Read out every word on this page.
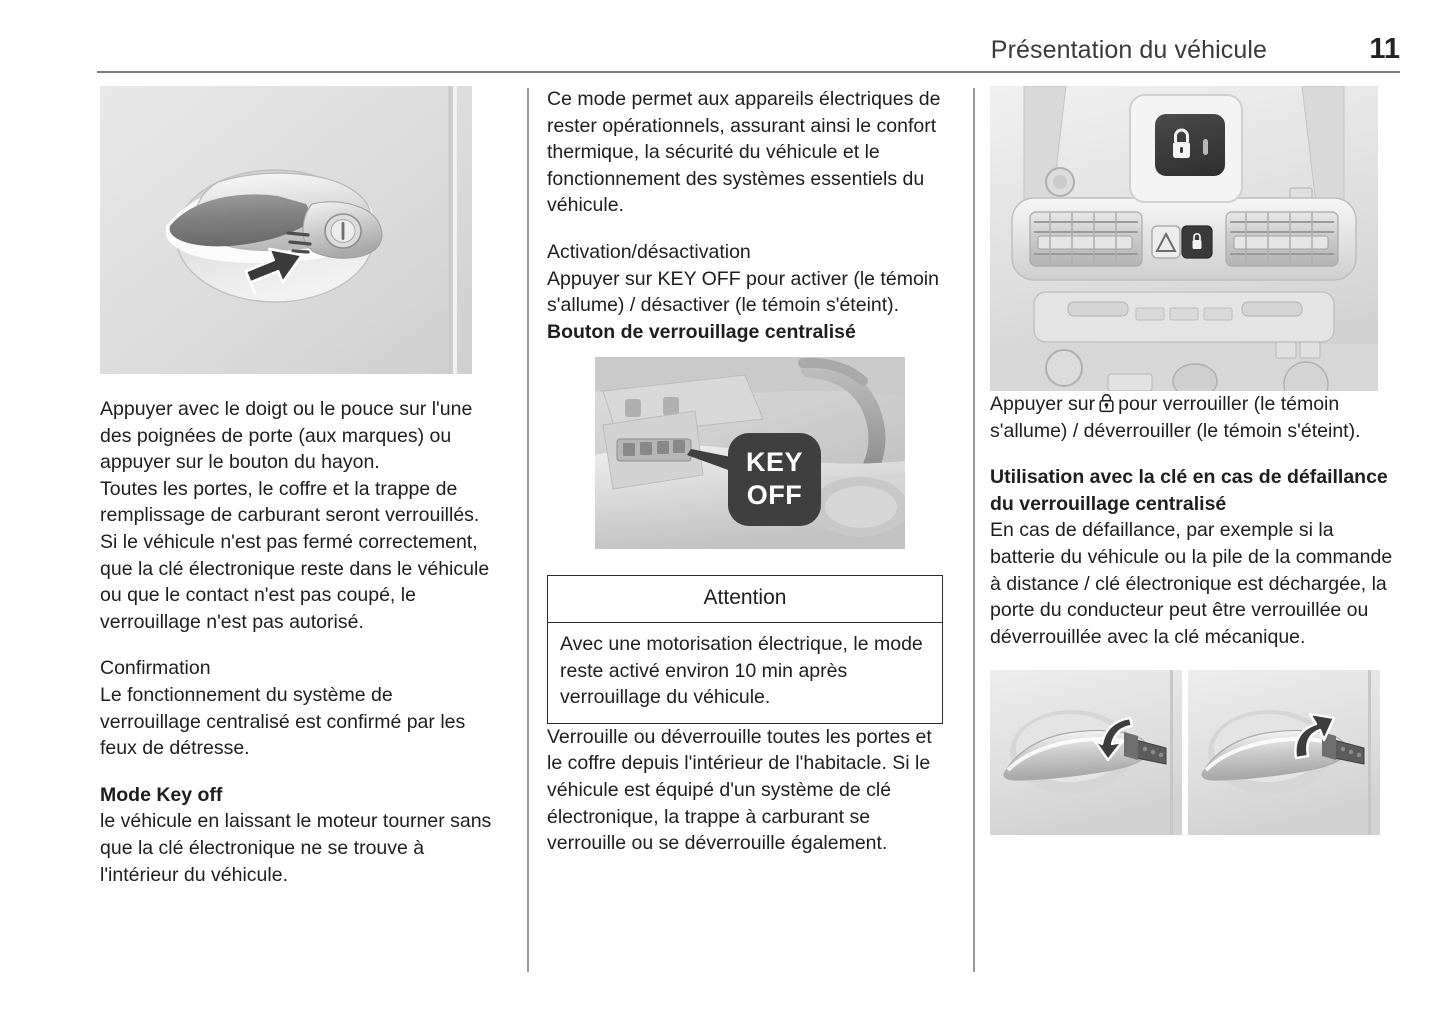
Présentation du véhicule	11

Appuyer avec le doigt ou le pouce sur l'une des poignées de porte (aux marques) ou appuyer sur le bouton du hayon.

Toutes les portes, le coffre et la trappe de remplissage de carburant seront verrouillés.

Si le véhicule n'est pas fermé correctement, que la clé électronique reste dans le véhicule ou que le contact n'est pas coupé, le verrouillage n'est pas autorisé.

Confirmation

Le fonctionnement du système de verrouillage centralisé est confirmé par les feux de détresse.

Mode Key off

le véhicule en laissant le moteur tourner sans que la clé électronique ne se trouve à l'intérieur du véhicule.

Ce mode permet aux appareils électriques de rester opérationnels, assurant ainsi le confort thermique, la sécurité du véhicule et le fonctionnement des systèmes essentiels du véhicule.

Activation/désactivation

Appuyer sur KEY OFF pour activer (le témoin s'allume) / désactiver (le témoin s'éteint).

Bouton de verrouillage centralisé
KEY
OFF
Attention
Avec une motorisation électrique, le mode reste activé environ 10 min après verrouillage du véhicule.

Verrouille ou déverrouille toutes les portes et le coffre depuis l'intérieur de l'habitacle. Si le véhicule est équipé d'un système de clé électronique, la trappe à carburant se verrouille ou se déverrouille également.

Appuyer sur pour verrouiller (le témoin s'allume) / déverrouiller (le témoin s'éteint).

Utilisation avec la clé en cas de défaillance du verrouillage centralisé

En cas de défaillance, par exemple si la batterie du véhicule ou la pile de la commande à distance / clé électronique est déchargée, la porte du conducteur peut être verrouillée ou déverrouillée avec la clé mécanique.
